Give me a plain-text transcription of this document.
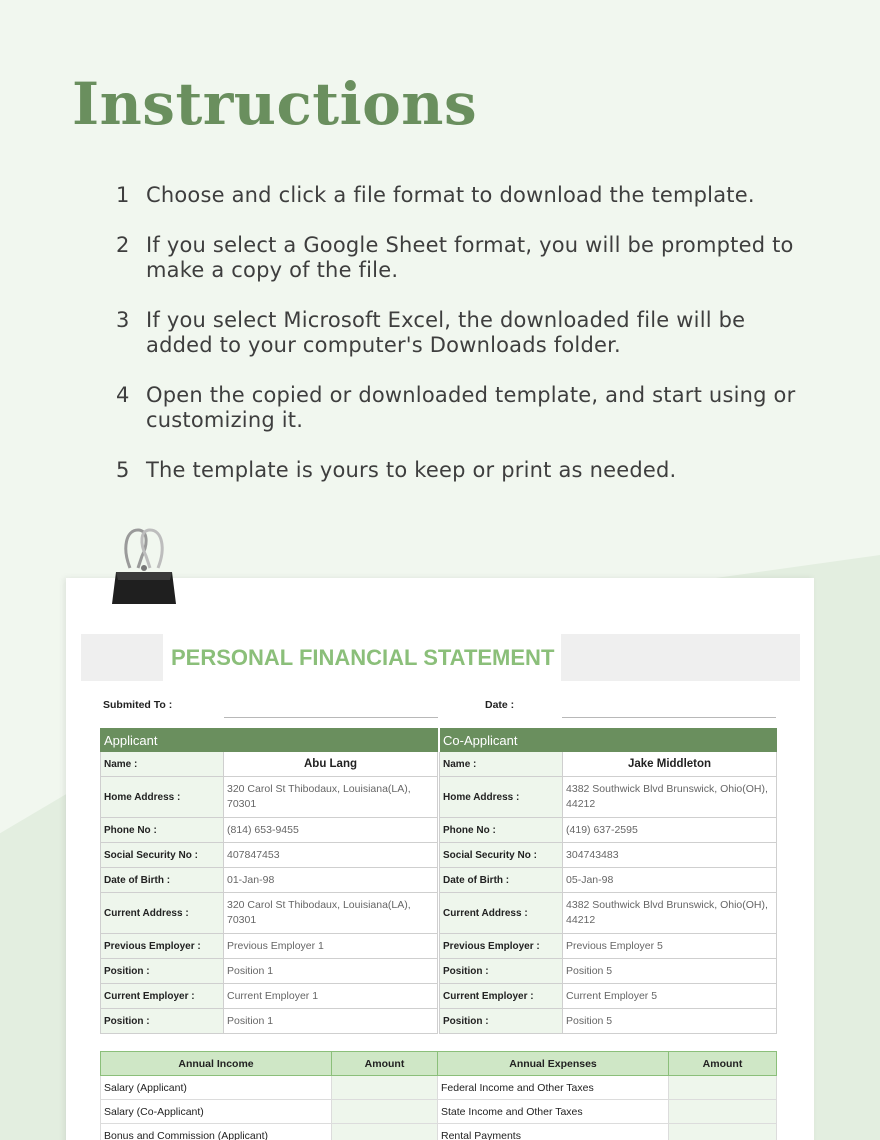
Instructions
1 Choose and click a file format to download the template.
2 If you select a Google Sheet format, you will be prompted to make a copy of the file.
3 If you select Microsoft Excel, the downloaded file will be added to your computer's Downloads folder.
4 Open the copied or downloaded template, and start using or customizing it.
5 The template is yours to keep or print as needed.
PERSONAL FINANCIAL STATEMENT
Submited To :	Date :
Applicant			Co-Applicant	
Name :	Abu Lang		Name :	Jake Middleton
Home Address :	320 Carol St Thibodaux, Louisiana(LA), 70301		Home Address :	4382 Southwick Blvd Brunswick, Ohio(OH), 44212
Phone No :	(814) 653-9455		Phone No :	(419) 637-2595
Social Security No :	407847453		Social Security No :	304743483
Date of Birth :	01-Jan-98		Date of Birth :	05-Jan-98
Current Address :	320 Carol St Thibodaux, Louisiana(LA), 70301		Current Address :	4382 Southwick Blvd Brunswick, Ohio(OH), 44212
Previous Employer :	Previous Employer 1		Previous Employer :	Previous Employer 5
Position :	Position 1		Position :	Position 5
Current Employer :	Current Employer 1		Current Employer :	Current Employer 5
Position :	Position 1		Position :	Position 5
Annual Income	Amount	Annual Expenses	Amount
Salary (Applicant)		Federal Income and Other Taxes	
Salary (Co-Applicant)		State Income and Other Taxes	
Bonus and Commission (Applicant)		Rental Payments	
